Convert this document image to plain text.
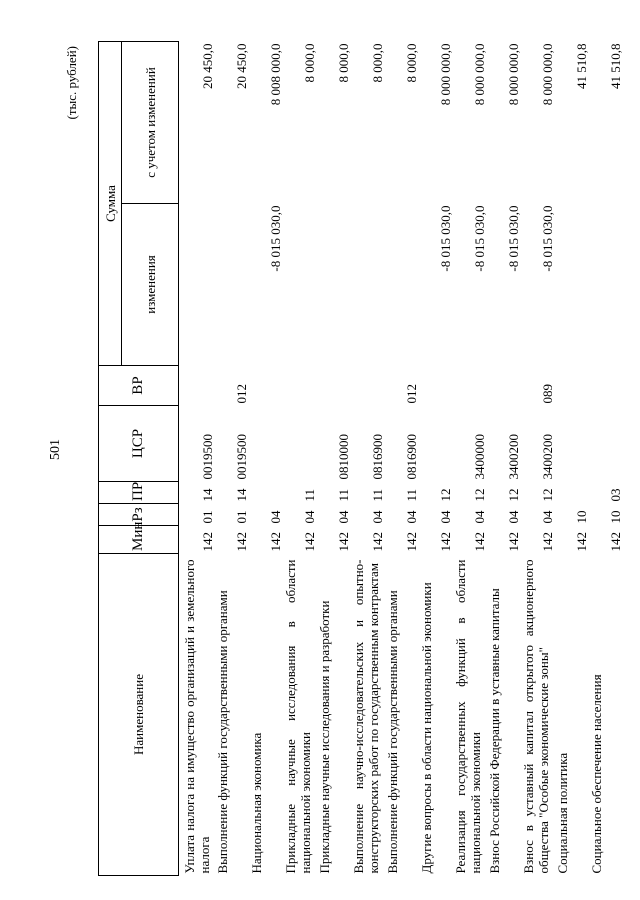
501
(тыс. рублей)
Наименование	Мин	Рз	ПР	ЦСР	ВР	Сумма	
						изменения	с учетом изменений
Уплата налога на имущество организаций и земельного налога	142	01	14	0019500			20 450,0
Выполнение функций государственными органами	142	01	14	0019500	012		20 450,0
Национальная экономика	142	04				-8 015 030,0	8 008 000,0
Прикладные научные исследования в области национальной экономики	142	04	11				8 000,0
Прикладные научные исследования и разработки	142	04	11	0810000			8 000,0
Выполнение научно-исследовательских и опытно-конструкторских работ по государственным контрактам	142	04	11	0816900			8 000,0
Выполнение функций государственными органами	142	04	11	0816900	012		8 000,0
Другие вопросы в области национальной экономики	142	04	12			-8 015 030,0	8 000 000,0
Реализация государственных функций в области национальной экономики	142	04	12	3400000		-8 015 030,0	8 000 000,0
Взнос Российской Федерации в уставные капиталы	142	04	12	3400200		-8 015 030,0	8 000 000,0
Взнос в уставный капитал открытого акционерного общества "Особые экономические зоны"	142	04	12	3400200	089	-8 015 030,0	8 000 000,0
Социальная политика	142	10					41 510,8
Социальное обеспечение населения	142	10	03				41 510,8
